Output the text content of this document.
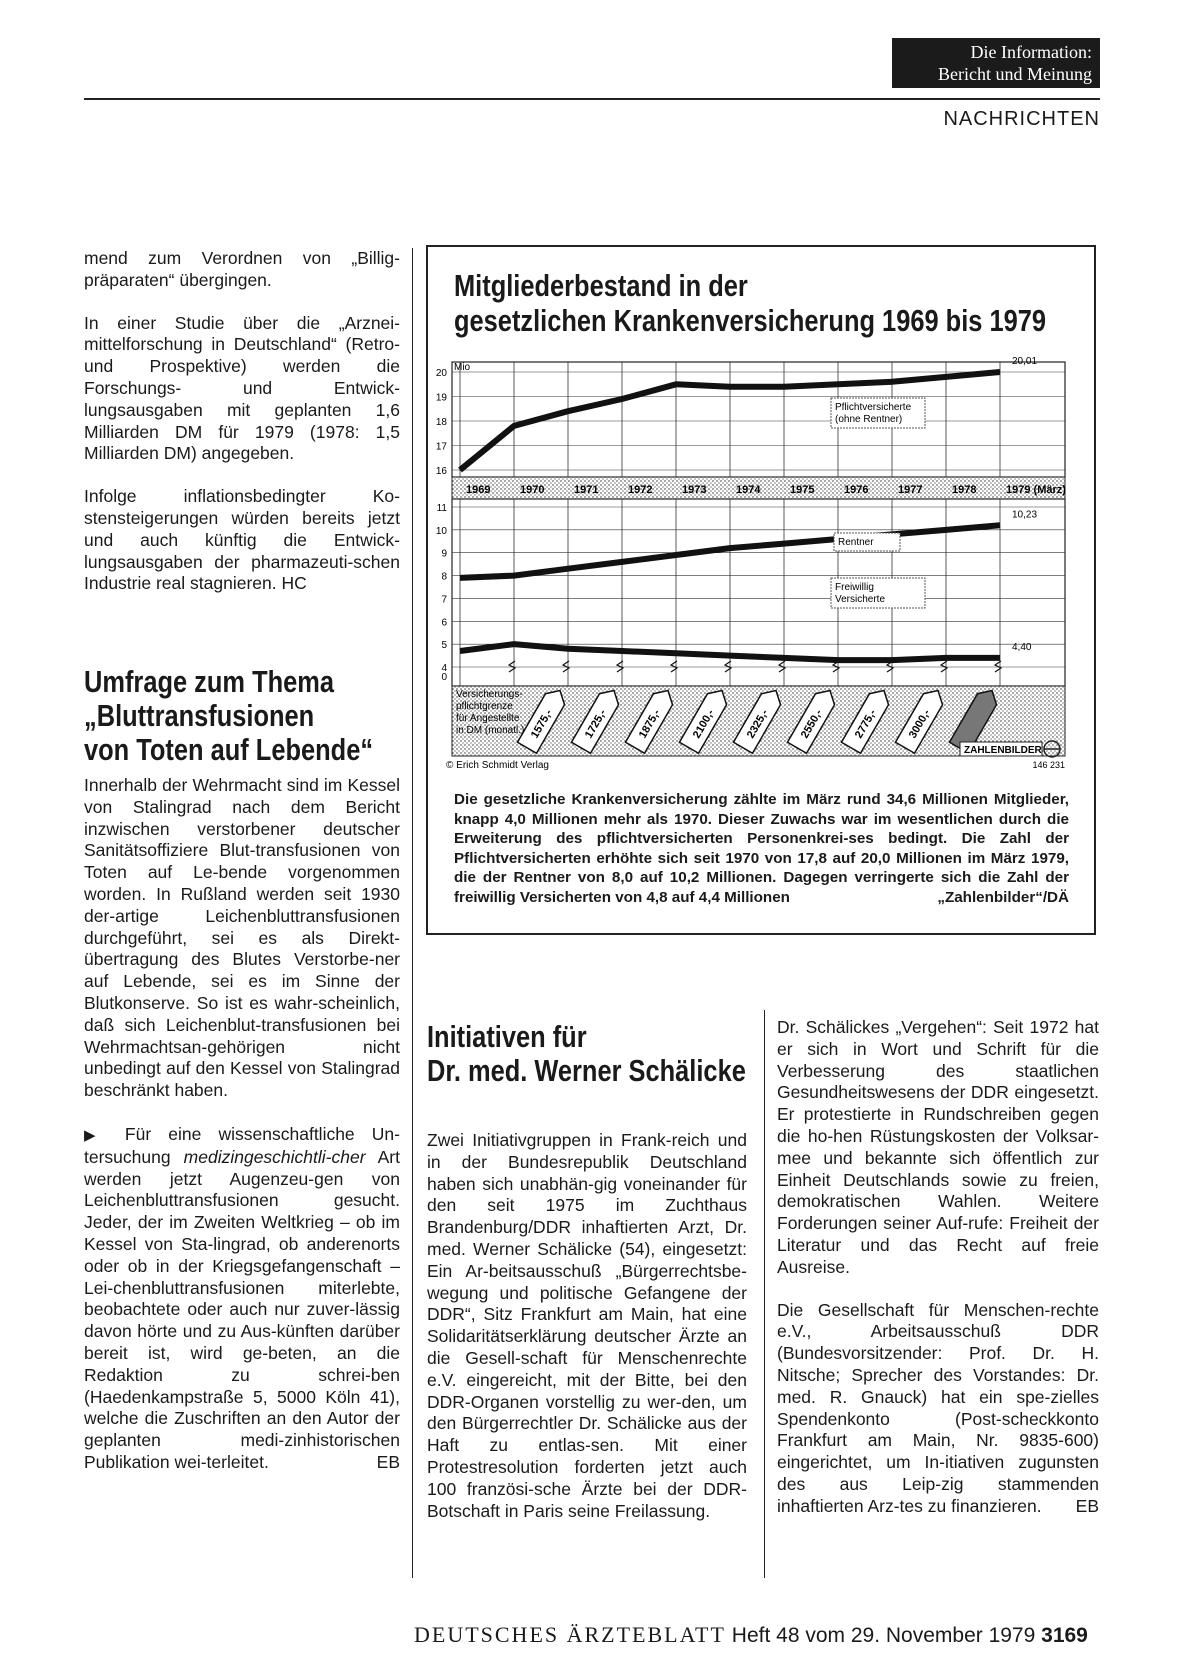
Die Information:
Bericht und Meinung
NACHRICHTEN

mend zum Verordnen von „Billig-präparaten“ übergingen.

In einer Studie über die „Arznei-mittelforschung in Deutschland“ (Retro- und Prospektive) werden die Forschungs- und Entwick-lungsausgaben mit geplanten 1,6 Milliarden DM für 1979 (1978: 1,5 Milliarden DM) angegeben.

Infolge inflationsbedingter Ko-stensteigerungen würden bereits jetzt und auch künftig die Entwick-lungsausgaben der pharmazeuti-schen Industrie real stagnieren. HC

Umfrage zum Thema
„Bluttransfusionen
von Toten auf Lebende“

Innerhalb der Wehrmacht sind im Kessel von Stalingrad nach dem Bericht inzwischen verstorbener deutscher Sanitätsoffiziere Blut-transfusionen von Toten auf Le-bende vorgenommen worden. In Rußland werden seit 1930 der-artige Leichenbluttransfusionen durchgeführt, sei es als Direkt-übertragung des Blutes Verstorbe-ner auf Lebende, sei es im Sinne der Blutkonserve. So ist es wahr-scheinlich, daß sich Leichenblut-transfusionen bei Wehrmachtsan-gehörigen nicht unbedingt auf den Kessel von Stalingrad beschränkt haben.

▶ Für eine wissenschaftliche Un-tersuchung medizingeschichtli-cher Art werden jetzt Augenzeu-gen von Leichenbluttransfusionen gesucht. Jeder, der im Zweiten Weltkrieg – ob im Kessel von Sta-lingrad, ob anderenorts oder ob in der Kriegsgefangenschaft – Lei-chenbluttransfusionen miterlebte, beobachtete oder auch nur zuver-lässig davon hörte und zu Aus-künften darüber bereit ist, wird ge-beten, an die Redaktion zu schrei-ben (Haedenkampstraße 5, 5000 Köln 41), welche die Zuschriften an den Autor der geplanten medi-zinhistorischen Publikation wei-terleitet.	EB

Mitgliederbestand in der
gesetzlichen Krankenversicherung 1969 bis 1979
20
19
18
17
16
11
10
9
8
7
6
5
4
0
1969	1970	1971	1972	1973	1974	1975	1976	1977	1978	1979 (März)
20,01
Pflichtversicherte
(ohne Rentner)
10,23
Rentner
4,40
Freiwillig
Versicherte
1575,-	1725,-	1875,-	2100,-	2325,-	2550,-	2775,-	3000,-
Mio
Versicherungs-
pflichtgrenze
für Angestellte
in DM (monatl.)
© Erich Schmidt Verlag
ZAHLENBILDER
146 231
Die gesetzliche Krankenversicherung zählte im März rund 34,6 Millionen Mitglieder, knapp 4,0 Millionen mehr als 1970. Dieser Zuwachs war im wesentlichen durch die Erweiterung des pflichtversicherten Personenkrei-ses bedingt. Die Zahl der Pflichtversicherten erhöhte sich seit 1970 von 17,8 auf 20,0 Millionen im März 1979, die der Rentner von 8,0 auf 10,2 Millionen. Dagegen verringerte sich die Zahl der freiwillig Versicherten von 4,8 auf 4,4 Millionen	„Zahlenbilder“/DÄ
Initiativen für
Dr. med. Werner Schälicke

Zwei Initiativgruppen in Frank-reich und in der Bundesrepublik Deutschland haben sich unabhän-gig voneinander für den seit 1975 im Zuchthaus Brandenburg/DDR inhaftierten Arzt, Dr. med. Werner Schälicke (54), eingesetzt: Ein Ar-beitsausschuß „Bürgerrechtsbe-wegung und politische Gefangene der DDR“, Sitz Frankfurt am Main, hat eine Solidaritätserklärung deutscher Ärzte an die Gesell-schaft für Menschenrechte e.V. eingereicht, mit der Bitte, bei den DDR-Organen vorstellig zu wer-den, um den Bürgerrechtler Dr. Schälicke aus der Haft zu entlas-sen. Mit einer Protestresolution forderten jetzt auch 100 französi-sche Ärzte bei der DDR-Botschaft in Paris seine Freilassung.

Dr. Schälickes „Vergehen“: Seit 1972 hat er sich in Wort und Schrift für die Verbesserung des staatlichen Gesundheitswesens der DDR eingesetzt. Er protestierte in Rundschreiben gegen die ho-hen Rüstungskosten der Volksar-mee und bekannte sich öffentlich zur Einheit Deutschlands sowie zu freien, demokratischen Wahlen. Weitere Forderungen seiner Auf-rufe: Freiheit der Literatur und das Recht auf freie Ausreise.

Die Gesellschaft für Menschen-rechte e.V., Arbeitsausschuß DDR (Bundesvorsitzender: Prof. Dr. H. Nitsche; Sprecher des Vorstandes: Dr. med. R. Gnauck) hat ein spe-zielles Spendenkonto (Post-scheckkonto Frankfurt am Main, Nr. 9835-600) eingerichtet, um In-itiativen zugunsten des aus Leip-zig stammenden inhaftierten Arz-tes zu finanzieren. EB

DEUTSCHES ÄRZTEBLATT Heft 48 vom 29. November 1979 3169
